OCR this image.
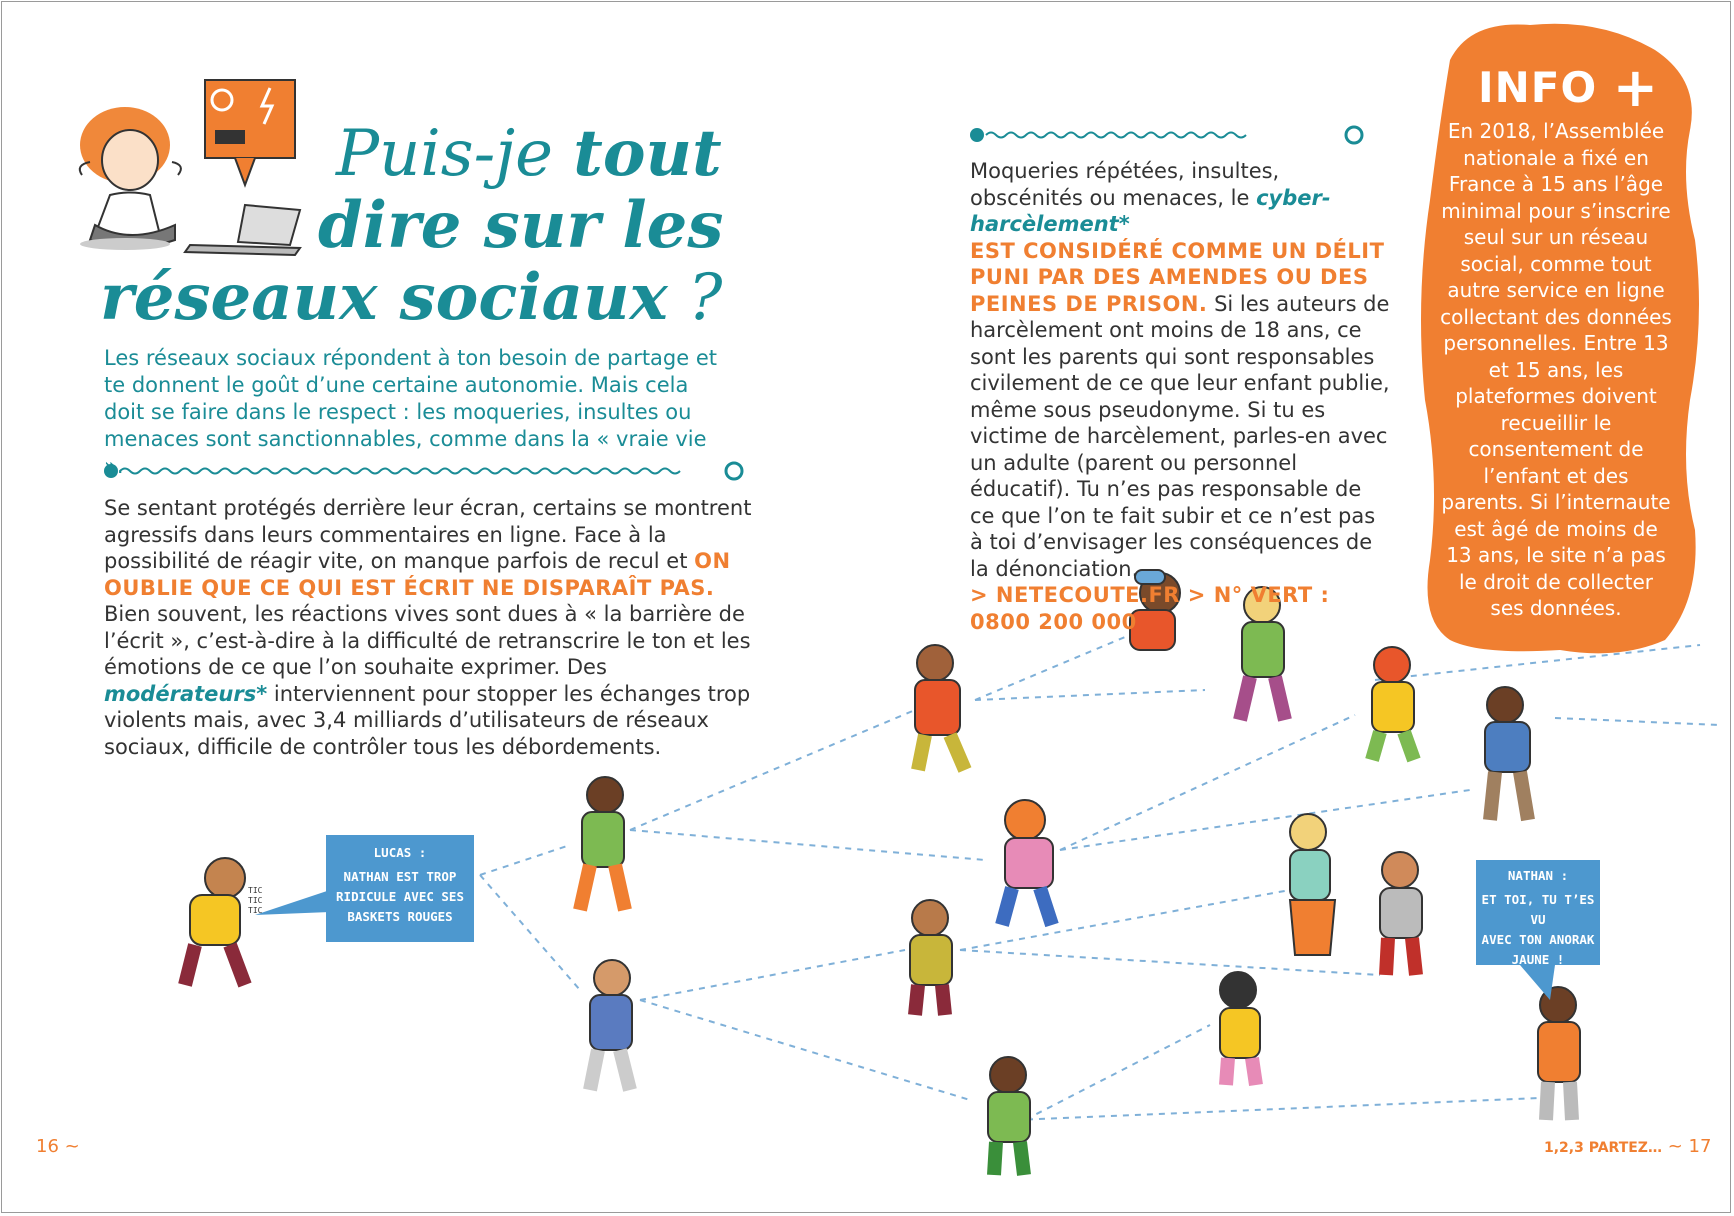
Puis-je tout
dire sur les
réseaux sociaux ?
TIC TIC TIC
Les réseaux sociaux répondent à ton besoin de partage et te donnent le goût d’une certaine autonomie. Mais cela doit se faire dans le respect : les moqueries, insultes ou menaces sont sanctionnables, comme dans la « vraie vie ».
Se sentant protégés derrière leur écran, certains se montrent agressifs dans leurs commentaires en ligne. Face à la possibilité de réagir vite, on manque parfois de recul et ON OUBLIE QUE CE QUI EST ÉCRIT NE DISPARAÎT PAS. Bien souvent, les réactions vives sont dues à « la barrière de l’écrit », c’est-à-dire à la difficulté de retranscrire le ton et les émotions de ce que l’on souhaite exprimer. Des modérateurs* interviennent pour stopper les échanges trop violents mais, avec 3,4 milliards d’utilisateurs de réseaux sociaux, difficile de contrôler tous les débordements.
Moqueries répétées, insultes, obscénités ou menaces, le cyber-harcèlement*
EST CONSIDÉRÉ COMME UN DÉLIT PUNI PAR DES AMENDES OU DES PEINES DE PRISON. Si les auteurs de harcèlement ont moins de 18 ans, ce sont les parents qui sont responsables civilement de ce que leur enfant publie, même sous pseudonyme. Si tu es victime de harcèlement, parles-en avec un adulte (parent ou personnel éducatif). Tu n’es pas responsable de ce que l’on te fait subir et ce n’est pas à toi d’envisager les conséquences de la dénonciation.
> NETECOUTE.FR > N° VERT : 0800 200 000
INFO +
En 2018, l’Assemblée nationale a fixé en France à 15 ans l’âge minimal pour s’inscrire seul sur un réseau social, comme tout autre service en ligne collectant des données personnelles. Entre 13 et 15 ans, les plateformes doivent recueillir le consentement de l’enfant et des parents. Si l’internaute est âgé de moins de 13 ans, le site n’a pas le droit de collecter ses données.
LUCAS :
NATHAN EST TROP
RIDICULE AVEC SES
BASKETS ROUGES
NATHAN :
ET TOI, TU T’ES VU
AVEC TON ANORAK
JAUNE !
16 ~	1,2,3 PARTEZ… ~ 17
